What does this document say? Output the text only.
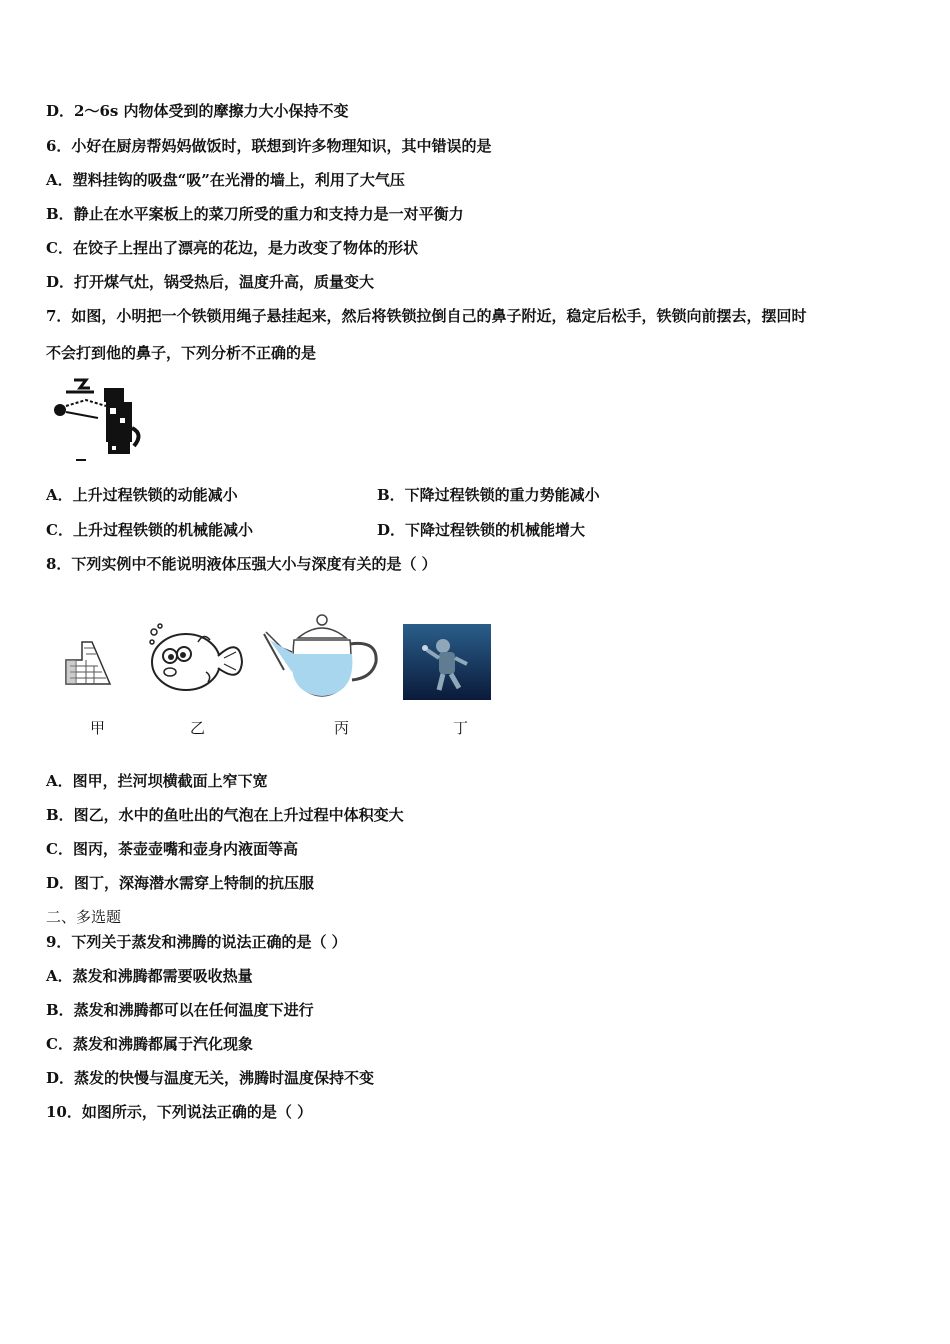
D．2～6s 内物体受到的摩擦力大小保持不变
6．小好在厨房帮妈妈做饭时，联想到许多物理知识，其中错误的是
A．塑料挂钩的吸盘“吸”在光滑的墙上，利用了大气压
B．静止在水平案板上的菜刀所受的重力和支持力是一对平衡力
C．在饺子上捏出了漂亮的花边，是力改变了物体的形状
D．打开煤气灶，锅受热后，温度升高，质量变大
7．如图，小明把一个铁锁用绳子悬挂起来，然后将铁锁拉倒自己的鼻子附近，稳定后松手，铁锁向前摆去，摆回时
不会打到他的鼻子，下列分析不正确的是
A．上升过程铁锁的动能减小	B．下降过程铁锁的重力势能减小
C．上升过程铁锁的机械能减小	D．下降过程铁锁的机械能增大
8．下列实例中不能说明液体压强大小与深度有关的是（ ）
甲	乙	丙	丁
A．图甲，拦河坝横截面上窄下宽
B．图乙，水中的鱼吐出的气泡在上升过程中体积变大
C．图丙，茶壶壶嘴和壶身内液面等高
D．图丁，深海潜水需穿上特制的抗压服
二、多选题
9．下列关于蒸发和沸腾的说法正确的是（ ）
A．蒸发和沸腾都需要吸收热量
B．蒸发和沸腾都可以在任何温度下进行
C．蒸发和沸腾都属于汽化现象
D．蒸发的快慢与温度无关，沸腾时温度保持不变
10．如图所示，下列说法正确的是（ ）
